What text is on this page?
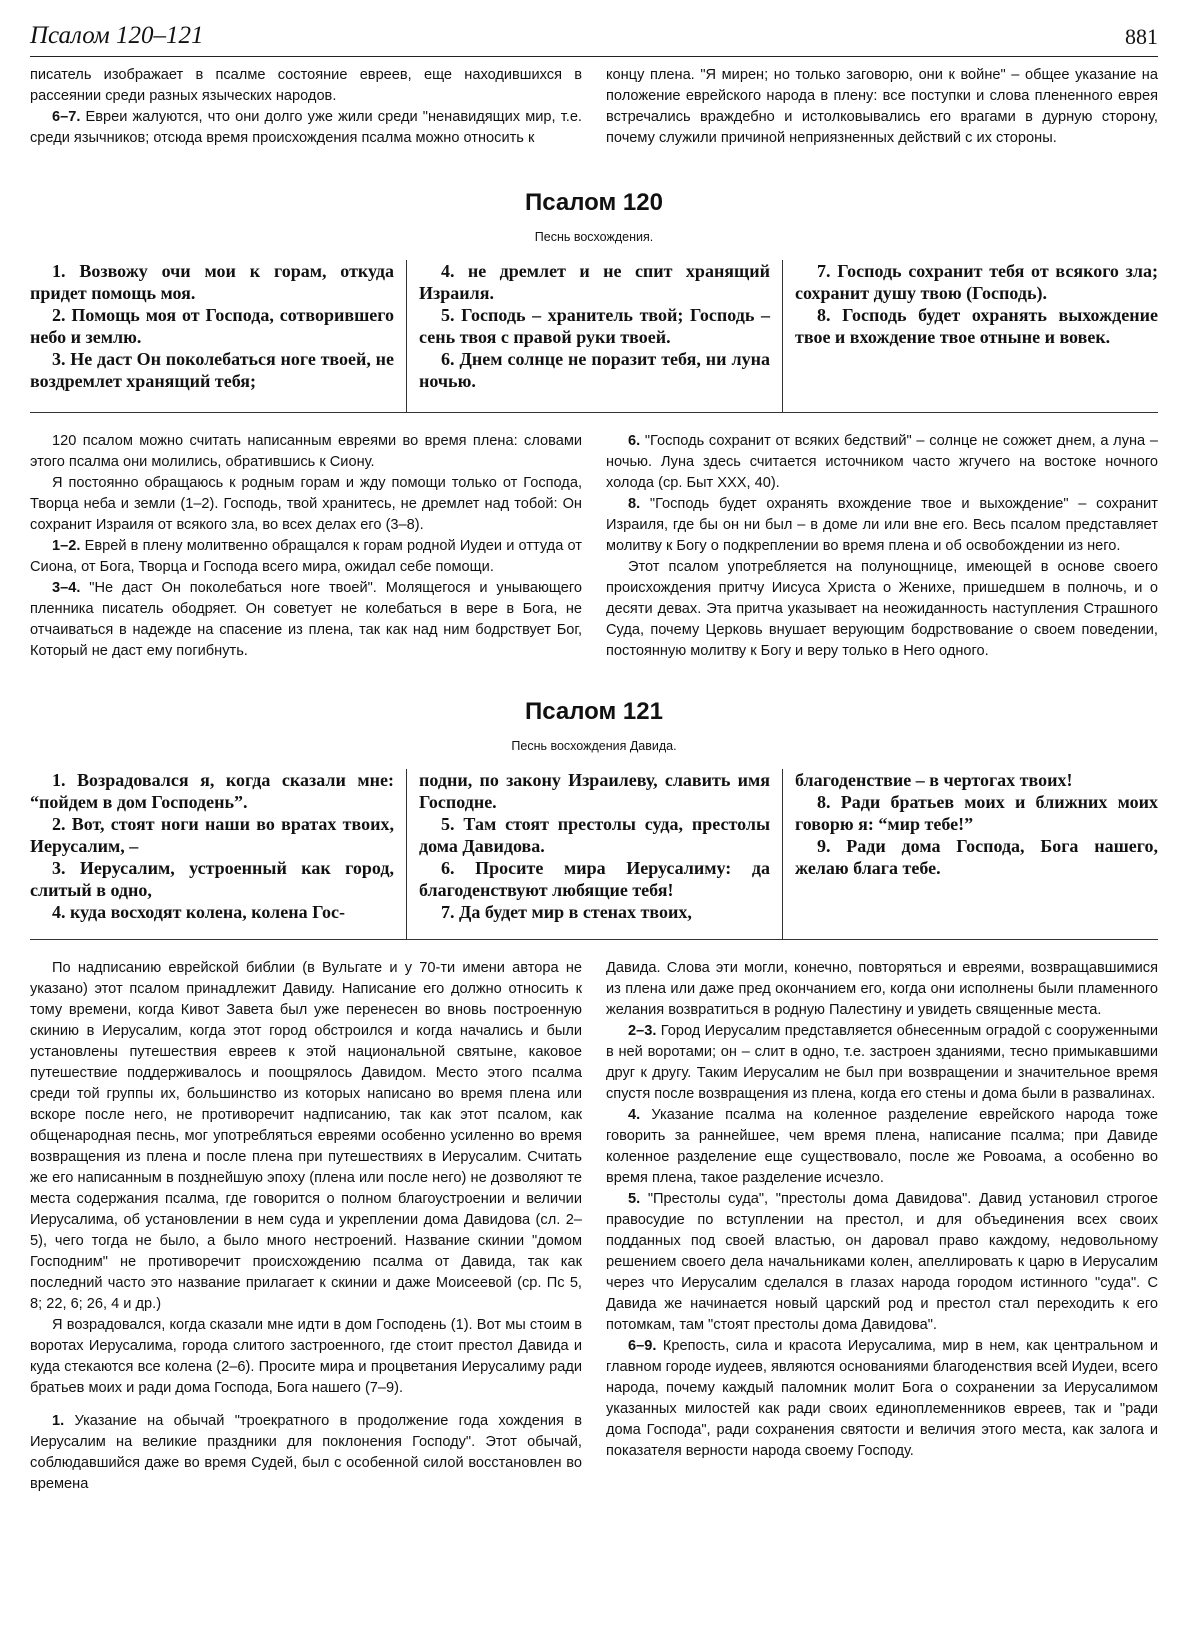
Псалом 120–121	881

писатель изображает в псалме состояние евреев, еще находившихся в рассеянии среди разных языческих народов.

6–7. Евреи жалуются, что они долго уже жили среди "ненавидящих мир, т.е. среди язычников; отсюда время происхождения псалма можно относить к

концу плена. "Я мирен; но только заговорю, они к войне" – общее указание на положение еврейского народа в плену: все поступки и слова плененного еврея встречались враждебно и истолковывались его врагами в дурную сторону, почему служили причиной неприязненных действий с их стороны.

Псалом 120
Песнь восхождения.

1. Возвожу очи мои к горам, откуда придет помощь моя.

2. Помощь моя от Господа, сотворившего небо и землю.

3. Не даст Он поколебаться ноге твоей, не воздремлет хранящий тебя;

4. не дремлет и не спит хранящий Израиля.

5. Господь – хранитель твой; Господь – сень твоя с правой руки твоей.

6. Днем солнце не поразит тебя, ни луна ночью.

7. Господь сохранит тебя от всякого зла; сохранит душу твою (Господь).

8. Господь будет охранять выхождение твое и вхождение твое отныне и вовек.

120 псалом можно считать написанным евреями во время плена: словами этого псалма они молились, обратившись к Сиону.

Я постоянно обращаюсь к родным горам и жду помощи только от Господа, Творца неба и земли (1–2). Господь, твой хранитесь, не дремлет над тобой: Он сохранит Израиля от всякого зла, во всех делах его (3–8).

1–2. Еврей в плену молитвенно обращался к горам родной Иудеи и оттуда от Сиона, от Бога, Творца и Господа всего мира, ожидал себе помощи.

3–4. "Не даст Он поколебаться ноге твоей". Молящегося и унывающего пленника писатель ободряет. Он советует не колебаться в вере в Бога, не отчаиваться в надежде на спасение из плена, так как над ним бодрствует Бог, Который не даст ему погибнуть.

6. "Господь сохранит от всяких бедствий" – солнце не сожжет днем, а луна – ночью. Луна здесь считается источником часто жгучего на востоке ночного холода (ср. Быт XXX, 40).

8. "Господь будет охранять вхождение твое и выхождение" – сохранит Израиля, где бы он ни был – в доме ли или вне его. Весь псалом представляет молитву к Богу о подкреплении во время плена и об освобождении из него.

Этот псалом употребляется на полунощнице, имеющей в основе своего происхождения притчу Иисуса Христа о Женихе, пришедшем в полночь, и о десяти девах. Эта притча указывает на неожиданность наступления Страшного Суда, почему Церковь внушает верующим бодрствование о своем поведении, постоянную молитву к Богу и веру только в Него одного.

Псалом 121
Песнь восхождения Давида.

1. Возрадовался я, когда сказали мне: “пойдем в дом Господень”.

2. Вот, стоят ноги наши во вратах твоих, Иерусалим, –

3. Иерусалим, устроенный как город, слитый в одно,

4. куда восходят колена, колена Гос-

подни, по закону Израилеву, славить имя Господне.

5. Там стоят престолы суда, престолы дома Давидова.

6. Просите мира Иерусалиму: да благоденствуют любящие тебя!

7. Да будет мир в стенах твоих,

благоденствие – в чертогах твоих!

8. Ради братьев моих и ближних моих говорю я: “мир тебе!”

9. Ради дома Господа, Бога нашего, желаю блага тебе.

По надписанию еврейской библии (в Вульгате и у 70-ти имени автора не указано) этот псалом принадлежит Давиду. Написание его должно относить к тому времени, когда Кивот Завета был уже перенесен во вновь построенную скинию в Иерусалим, когда этот город обстроился и когда начались и были установлены путешествия евреев к этой национальной святыне, каковое путешествие поддерживалось и поощрялось Давидом. Место этого псалма среди той группы их, большинство из которых написано во время плена или вскоре после него, не противоречит надписанию, так как этот псалом, как общенародная песнь, мог употребляться евреями особенно усиленно во время возвращения из плена и после плена при путешествиях в Иерусалим. Считать же его написанным в позднейшую эпоху (плена или после него) не дозволяют те места содержания псалма, где говорится о полном благоустроении и величии Иерусалима, об установлении в нем суда и укреплении дома Давидова (сл. 2–5), чего тогда не было, а было много нестроений. Название скинии "домом Господним" не противоречит происхождению псалма от Давида, так как последний часто это название прилагает к скинии и даже Моисеевой (ср. Пс 5, 8; 22, 6; 26, 4 и др.)

Я возрадовался, когда сказали мне идти в дом Господень (1). Вот мы стоим в воротах Иерусалима, города слитого застроенного, где стоит престол Давида и куда стекаются все колена (2–6). Просите мира и процветания Иерусалиму ради братьев моих и ради дома Господа, Бога нашего (7–9).

1. Указание на обычай "троекратного в продолжение года хождения в Иерусалим на великие праздники для поклонения Господу". Этот обычай, соблюдавшийся даже во время Судей, был с особенной силой восстановлен во времена

Давида. Слова эти могли, конечно, повторяться и евреями, возвращавшимися из плена или даже пред окончанием его, когда они исполнены были пламенного желания возвратиться в родную Палестину и увидеть священные места.

2–3. Город Иерусалим представляется обнесенным оградой с сооруженными в ней воротами; он – слит в одно, т.е. застроен зданиями, тесно примыкавшими друг к другу. Таким Иерусалим не был при возвращении и значительное время спустя после возвращения из плена, когда его стены и дома были в развалинах.

4. Указание псалма на коленное разделение еврейского народа тоже говорить за раннейшее, чем время плена, написание псалма; при Давиде коленное разделение еще существовало, после же Ровоама, а особенно во время плена, такое разделение исчезло.

5. "Престолы суда", "престолы дома Давидова". Давид установил строгое правосудие по вступлении на престол, и для объединения всех своих подданных под своей властью, он даровал право каждому, недовольному решением своего дела начальниками колен, апеллировать к царю в Иерусалим через что Иерусалим сделался в глазах народа городом истинного "суда". С Давида же начинается новый царский род и престол стал переходить к его потомкам, там "стоят престолы дома Давидова".

6–9. Крепость, сила и красота Иерусалима, мир в нем, как центральном и главном городе иудеев, являются основаниями благоденствия всей Иудеи, всего народа, почему каждый паломник молит Бога о сохранении за Иерусалимом указанных милостей как ради своих единоплеменников евреев, так и "ради дома Господа", ради сохранения святости и величия этого места, как залога и показателя верности народа своему Господу.
